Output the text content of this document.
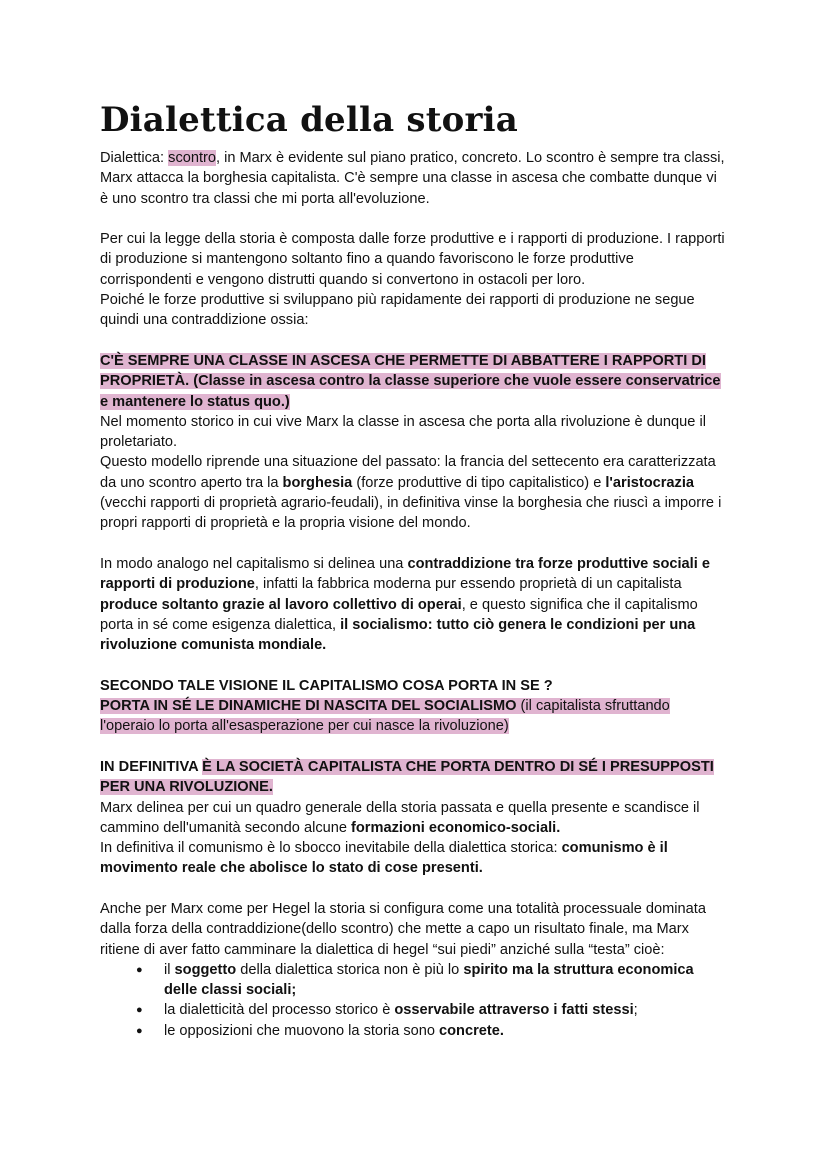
Dialettica della storia

Dialettica: scontro, in Marx è evidente sul piano pratico, concreto. Lo scontro è sempre tra classi, Marx attacca la borghesia capitalista. C'è sempre una classe in ascesa che combatte dunque vi è uno scontro tra classi che mi porta all'evoluzione.

Per cui la legge della storia è composta dalle forze produttive e i rapporti di produzione. I rapporti di produzione si mantengono soltanto fino a quando favoriscono le forze produttive corrispondenti e vengono distrutti quando si convertono in ostacoli per loro.

Poiché le forze produttive si sviluppano più rapidamente dei rapporti di produzione ne segue quindi una contraddizione ossia:

C'È SEMPRE UNA CLASSE IN ASCESA CHE PERMETTE DI ABBATTERE I RAPPORTI DI PROPRIETÀ. (Classe in ascesa contro la classe superiore che vuole essere conservatrice e mantenere lo status quo.)

Nel momento storico in cui vive Marx la classe in ascesa che porta alla rivoluzione è dunque il proletariato.

Questo modello riprende una situazione del passato: la francia del settecento era caratterizzata da uno scontro aperto tra la borghesia (forze produttive di tipo capitalistico) e l'aristocrazia (vecchi rapporti di proprietà agrario-feudali), in definitiva vinse la borghesia che riuscì a imporre i propri rapporti di proprietà e la propria visione del mondo.

In modo analogo nel capitalismo si delinea una contraddizione tra forze produttive sociali e rapporti di produzione, infatti la fabbrica moderna pur essendo proprietà di un capitalista produce soltanto grazie al lavoro collettivo di operai, e questo significa che il capitalismo porta in sé come esigenza dialettica, il socialismo: tutto ciò genera le condizioni per una rivoluzione comunista mondiale.

SECONDO TALE VISIONE IL CAPITALISMO COSA PORTA IN SE ?

PORTA IN SÉ LE DINAMICHE DI NASCITA DEL SOCIALISMO (il capitalista sfruttando l'operaio lo porta all'esasperazione per cui nasce la rivoluzione)

IN DEFINITIVA È LA SOCIETÀ CAPITALISTA CHE PORTA DENTRO DI SÉ I PRESUPPOSTI PER UNA RIVOLUZIONE.

Marx delinea per cui un quadro generale della storia passata e quella presente e scandisce il cammino dell'umanità secondo alcune formazioni economico-sociali.

In definitiva il comunismo è lo sbocco inevitabile della dialettica storica: comunismo è il movimento reale che abolisce lo stato di cose presenti.

Anche per Marx come per Hegel la storia si configura come una totalità processuale dominata dalla forza della contraddizione(dello scontro) che mette a capo un risultato finale, ma Marx ritiene di aver fatto camminare la dialettica di hegel “sui piedi” anziché sulla “testa” cioè:

● il soggetto della dialettica storica non è più lo spirito ma la struttura economica delle classi sociali;
● la dialetticità del processo storico è osservabile attraverso i fatti stessi;
● le opposizioni che muovono la storia sono concrete.
